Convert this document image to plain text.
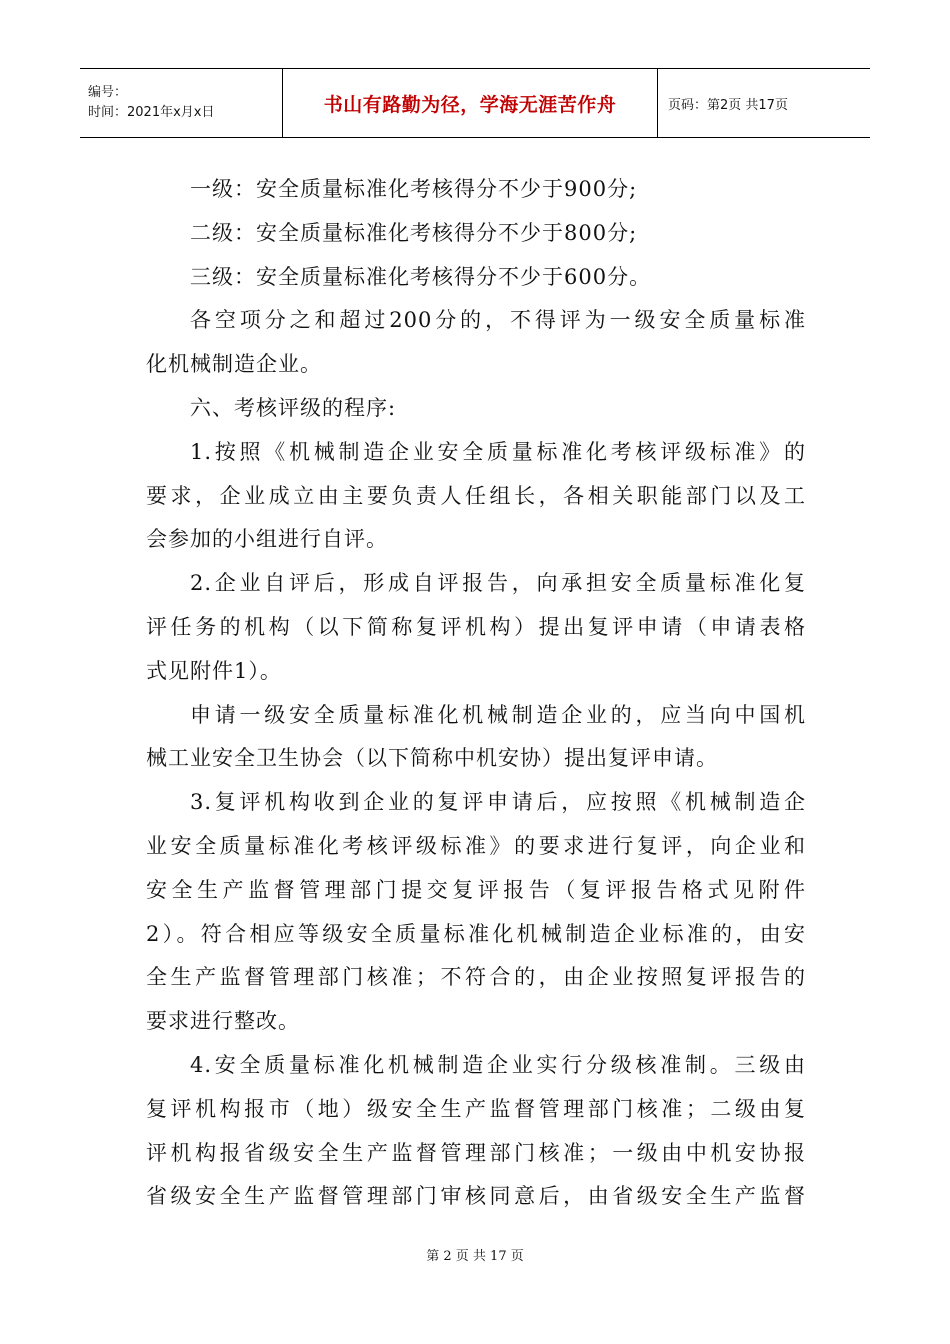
编号：
时间：2021年x月x日	书山有路勤为径，学海无涯苦作舟	页码：第2页 共17页
一级：安全质量标准化考核得分不少于900分;
二级：安全质量标准化考核得分不少于800分;
三级：安全质量标准化考核得分不少于600分。
各空项分之和超过200分的，不得评为一级安全质量标准
化机械制造企业。
六、考核评级的程序:
1.按照《机械制造企业安全质量标准化考核评级标准》的
要求，企业成立由主要负责人任组长，各相关职能部门以及工
会参加的小组进行自评。
2.企业自评后，形成自评报告，向承担安全质量标准化复
评任务的机构（以下简称复评机构）提出复评申请（申请表格
式见附件1）。
申请一级安全质量标准化机械制造企业的，应当向中国机
械工业安全卫生协会（以下简称中机安协）提出复评申请。
3.复评机构收到企业的复评申请后，应按照《机械制造企
业安全质量标准化考核评级标准》的要求进行复评，向企业和
安全生产监督管理部门提交复评报告（复评报告格式见附件
2）。符合相应等级安全质量标准化机械制造企业标准的，由安
全生产监督管理部门核准；不符合的，由企业按照复评报告的
要求进行整改。
4.安全质量标准化机械制造企业实行分级核准制。三级由
复评机构报市（地）级安全生产监督管理部门核准；二级由复
评机构报省级安全生产监督管理部门核准；一级由中机安协报
省级安全生产监督管理部门审核同意后，由省级安全生产监督
第 2 页 共 17 页
